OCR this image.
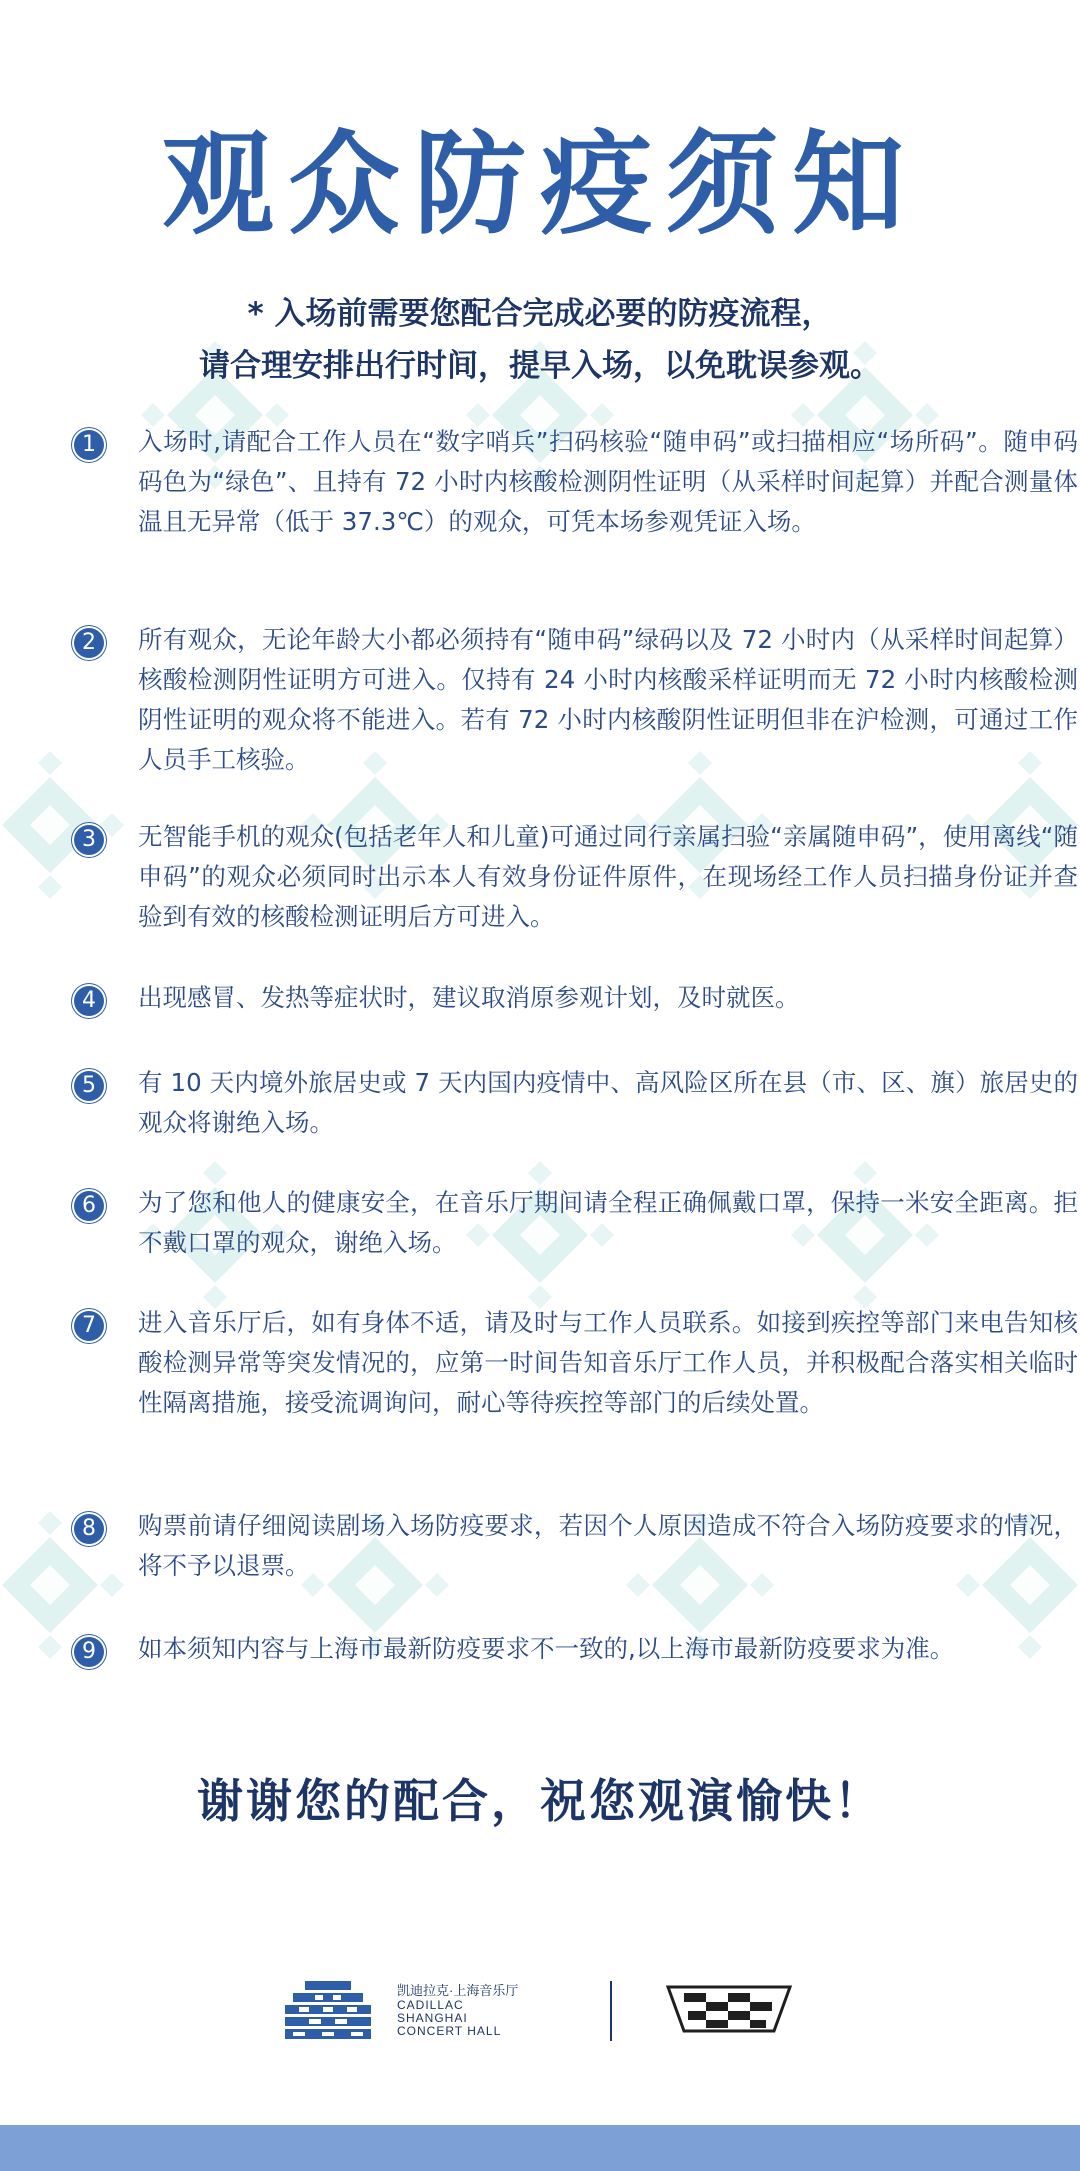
观众防疫须知
* 入场前需要您配合完成必要的防疫流程，
请合理安排出行时间，提早入场，以免耽误参观。
1	入场时,请配合工作人员在“数字哨兵”扫码核验“随申码”或扫描相应“场所码”。随申码码色为“绿色”、且持有 72 小时内核酸检测阴性证明（从采样时间起算）并配合测量体温且无异常（低于 37.3℃）的观众，可凭本场参观凭证入场。
2	所有观众，无论年龄大小都必须持有“随申码”绿码以及 72 小时内（从采样时间起算）核酸检测阴性证明方可进入。仅持有 24 小时内核酸采样证明而无 72 小时内核酸检测阴性证明的观众将不能进入。若有 72 小时内核酸阴性证明但非在沪检测，可通过工作人员手工核验。
3	无智能手机的观众(包括老年人和儿童)可通过同行亲属扫验“亲属随申码”，使用离线“随申码”的观众必须同时出示本人有效身份证件原件，在现场经工作人员扫描身份证并查验到有效的核酸检测证明后方可进入。
4	出现感冒、发热等症状时，建议取消原参观计划，及时就医。
5	有 10 天内境外旅居史或 7 天内国内疫情中、高风险区所在县（市、区、旗）旅居史的观众将谢绝入场。
6	为了您和他人的健康安全，在音乐厅期间请全程正确佩戴口罩，保持一米安全距离。拒不戴口罩的观众，谢绝入场。
7	进入音乐厅后，如有身体不适，请及时与工作人员联系。如接到疾控等部门来电告知核酸检测异常等突发情况的，应第一时间告知音乐厅工作人员，并积极配合落实相关临时性隔离措施，接受流调询问，耐心等待疾控等部门的后续处置。
8	购票前请仔细阅读剧场入场防疫要求，若因个人原因造成不符合入场防疫要求的情况，将不予以退票。
9	如本须知内容与上海市最新防疫要求不一致的,以上海市最新防疫要求为准。
谢谢您的配合，祝您观演愉快！
凯迪拉克·上海音乐厅
CADILLAC
SHANGHAI
CONCERT HALL
